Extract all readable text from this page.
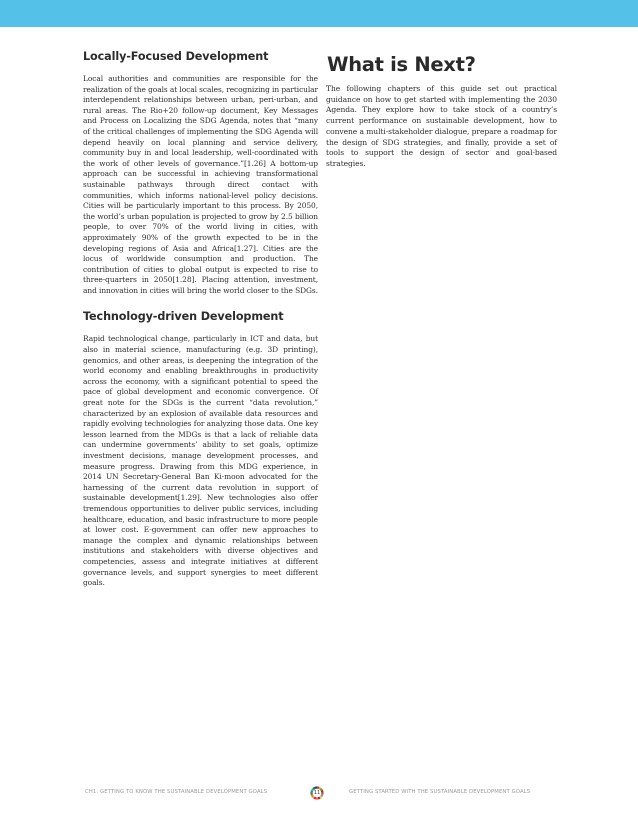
Locally-Focused Development

Local authorities and communities are responsible for the realization of the goals at local scales, recognizing in particular interdependent relationships between urban, peri-urban, and rural areas. The Rio+20 follow-up document, Key Messages and Process on Localizing the SDG Agenda, notes that “many of the critical challenges of implementing the SDG Agenda will depend heavily on local planning and service delivery, community buy in and local leadership, well-coordinated with the work of other levels of governance.”[1.26] A bottom-up approach can be successful in achieving transformational sustainable pathways through direct contact with communities, which informs national-level policy decisions. Cities will be particularly important to this process. By 2050, the world’s urban population is projected to grow by 2.5 billion people, to over 70% of the world living in cities, with approximately 90% of the growth expected to be in the developing regions of Asia and Africa[1.27]. Cities are the locus of worldwide consumption and production. The contribution of cities to global output is expected to rise to three-quarters in 2050[1.28]. Placing attention, investment, and innovation in cities will bring the world closer to the SDGs.

Technology-driven Development

Rapid technological change, particularly in ICT and data, but also in material science, manufacturing (e.g. 3D printing), genomics, and other areas, is deepening the integration of the world economy and enabling breakthroughs in productivity across the economy, with a significant potential to speed the pace of global development and economic convergence. Of great note for the SDGs is the current “data revolution,” characterized by an explosion of available data resources and rapidly evolving technologies for analyzing those data. One key lesson learned from the MDGs is that a lack of reliable data can undermine governments’ ability to set goals, optimize investment decisions, manage development processes, and measure progress. Drawing from this MDG experience, in 2014 UN Secretary-General Ban Ki-moon advocated for the harnessing of the current data revolution in support of sustainable development[1.29]. New technologies also offer tremendous opportunities to deliver public services, including healthcare, education, and basic infrastructure to more people at lower cost. E-government can offer new approaches to manage the complex and dynamic relationships between institutions and stakeholders with diverse objectives and competencies, assess and integrate initiatives at different governance levels, and support synergies to meet different goals.

What is Next?

The following chapters of this guide set out practical guidance on how to get started with implementing the 2030 Agenda. They explore how to take stock of a country’s current performance on sustainable development, how to convene a multi-stakeholder dialogue, prepare a roadmap for the design of SDG strategies, and finally, provide a set of tools to support the design of sector and goal-based strategies.

CH1: GETTING TO KNOW THE SUSTAINABLE DEVELOPMENT GOALS	11	GETTING STARTED WITH THE SUSTAINABLE DEVELOPMENT GOALS
